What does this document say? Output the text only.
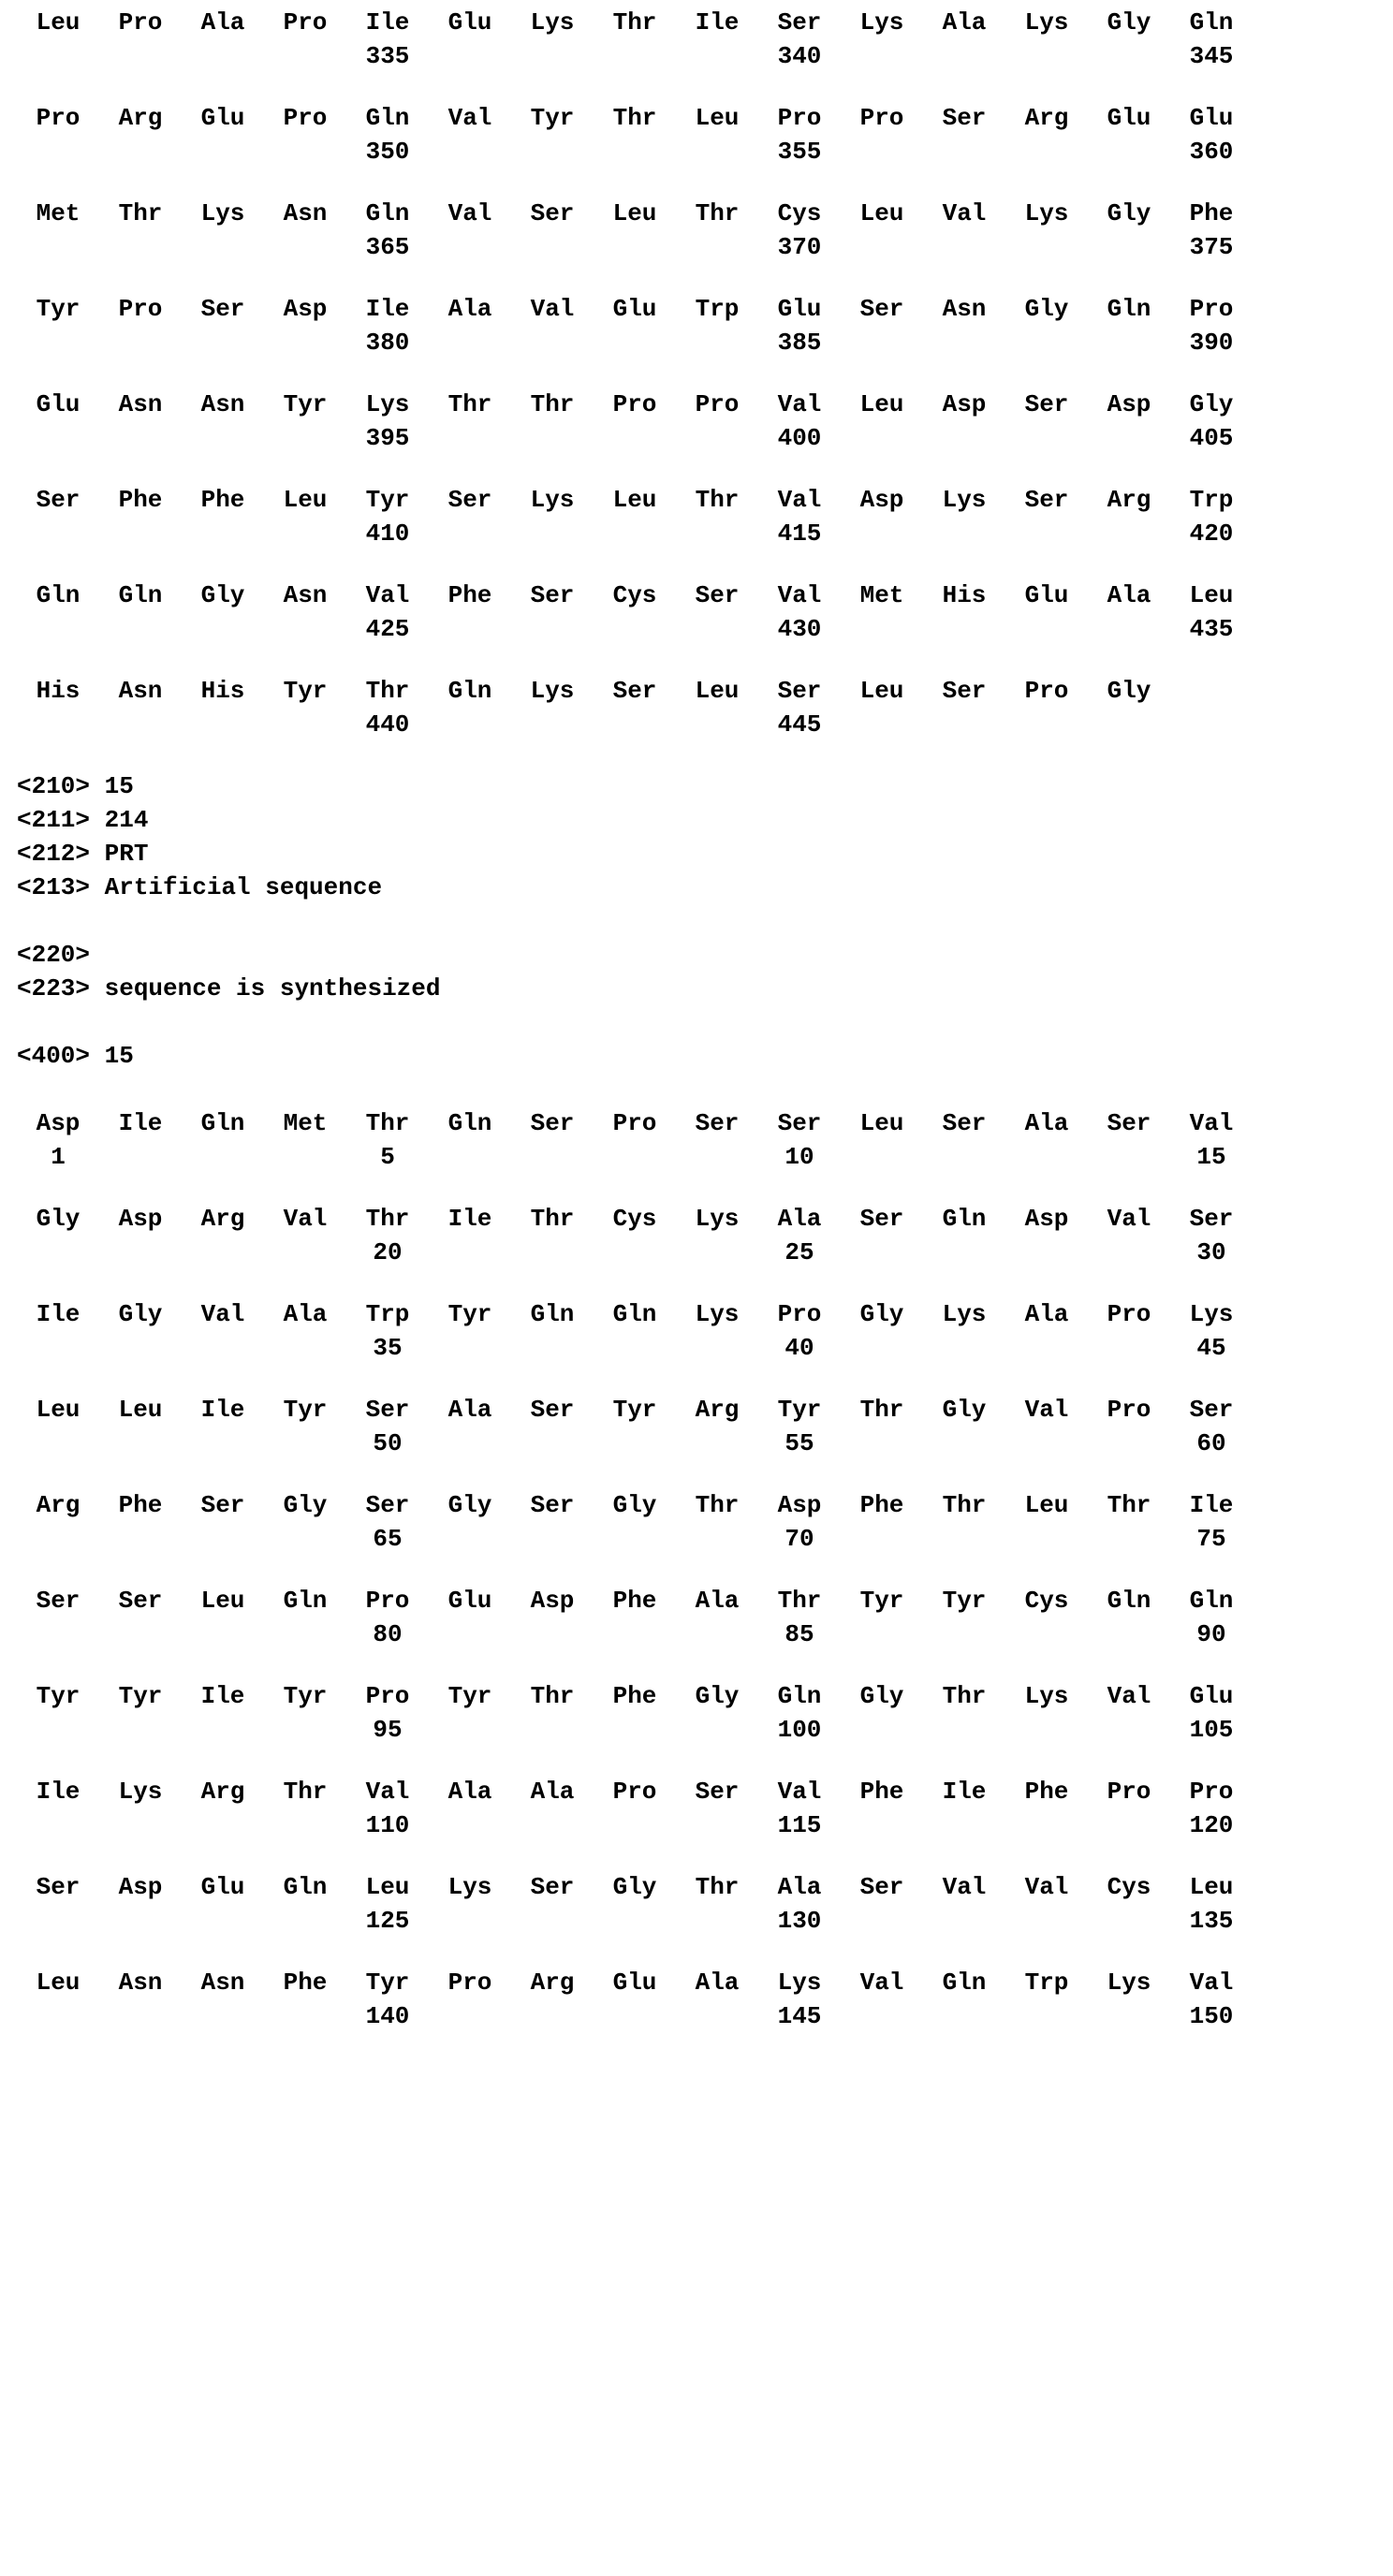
Leu Pro Ala Pro Ile Glu Lys Thr Ile Ser Lys Ala Lys Gly Gln
335	340	345
Pro Arg Glu Pro Gln Val Tyr Thr Leu Pro Pro Ser Arg Glu Glu
350	355	360
Met Thr Lys Asn Gln Val Ser Leu Thr Cys Leu Val Lys Gly Phe
365	370	375
Tyr Pro Ser Asp Ile Ala Val Glu Trp Glu Ser Asn Gly Gln Pro
380	385	390
Glu Asn Asn Tyr Lys Thr Thr Pro Pro Val Leu Asp Ser Asp Gly
395	400	405
Ser Phe Phe Leu Tyr Ser Lys Leu Thr Val Asp Lys Ser Arg Trp
410	415	420
Gln Gln Gly Asn Val Phe Ser Cys Ser Val Met His Glu Ala Leu
425	430	435
His Asn His Tyr Thr Gln Lys Ser Leu Ser Leu Ser Pro Gly
440	445
<210> 15
<211> 214
<212> PRT
<213> Artificial sequence
<220>
<223> sequence is synthesized
<400> 15
Asp Ile Gln Met Thr Gln Ser Pro Ser Ser Leu Ser Ala Ser Val
1	5	10	15
Gly Asp Arg Val Thr Ile Thr Cys Lys Ala Ser Gln Asp Val Ser
20	25	30
Ile Gly Val Ala Trp Tyr Gln Gln Lys Pro Gly Lys Ala Pro Lys
35	40	45
Leu Leu Ile Tyr Ser Ala Ser Tyr Arg Tyr Thr Gly Val Pro Ser
50	55	60
Arg Phe Ser Gly Ser Gly Ser Gly Thr Asp Phe Thr Leu Thr Ile
65	70	75
Ser Ser Leu Gln Pro Glu Asp Phe Ala Thr Tyr Tyr Cys Gln Gln
80	85	90
Tyr Tyr Ile Tyr Pro Tyr Thr Phe Gly Gln Gly Thr Lys Val Glu
95	100	105
Ile Lys Arg Thr Val Ala Ala Pro Ser Val Phe Ile Phe Pro Pro
110	115	120
Ser Asp Glu Gln Leu Lys Ser Gly Thr Ala Ser Val Val Cys Leu
125	130	135
Leu Asn Asn Phe Tyr Pro Arg Glu Ala Lys Val Gln Trp Lys Val
140	145	150
